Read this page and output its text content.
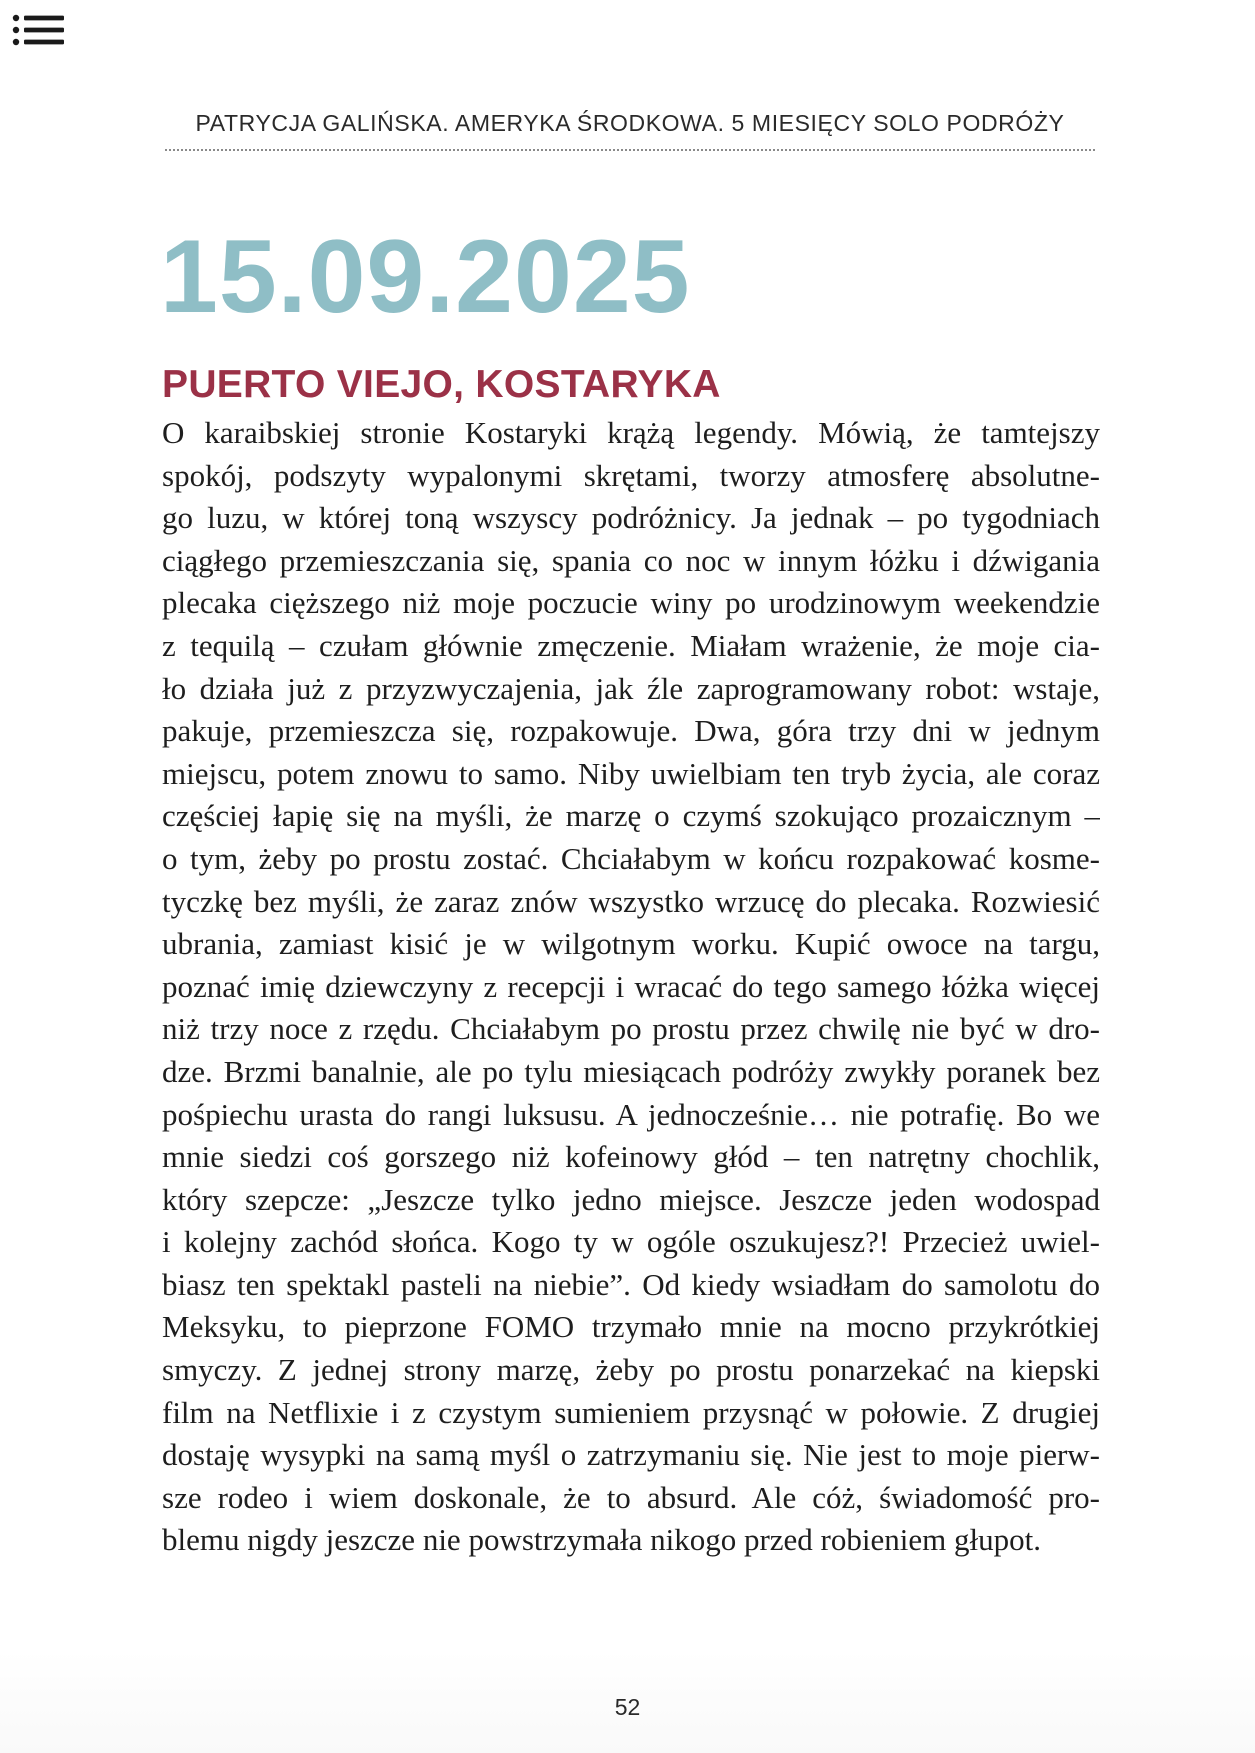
PATRYCJA GALIŃSKA. AMERYKA ŚRODKOWA. 5 MIESIĘCY SOLO PODRÓŻY
15.09.2025
PUERTO VIEJO, KOSTARYKA
O karaibskiej stronie Kostaryki krążą legendy. Mówią, że tamtejszy
spokój, podszyty wypalonymi skrętami, tworzy atmosferę absolutne-
go luzu, w której toną wszyscy podróżnicy. Ja jednak – po tygodniach
ciągłego przemieszczania się, spania co noc w innym łóżku i dźwigania
plecaka cięższego niż moje poczucie winy po urodzinowym weekendzie
z tequilą – czułam głównie zmęczenie. Miałam wrażenie, że moje cia-
ło działa już z przyzwyczajenia, jak źle zaprogramowany robot: wstaje,
pakuje, przemieszcza się, rozpakowuje. Dwa, góra trzy dni w jednym
miejscu, potem znowu to samo. Niby uwielbiam ten tryb życia, ale coraz
częściej łapię się na myśli, że marzę o czymś szokująco prozaicznym –
o tym, żeby po prostu zostać. Chciałabym w końcu rozpakować kosme-
tyczkę bez myśli, że zaraz znów wszystko wrzucę do plecaka. Rozwiesić
ubrania, zamiast kisić je w wilgotnym worku. Kupić owoce na targu,
poznać imię dziewczyny z recepcji i wracać do tego samego łóżka więcej
niż trzy noce z rzędu. Chciałabym po prostu przez chwilę nie być w dro-
dze. Brzmi banalnie, ale po tylu miesiącach podróży zwykły poranek bez
pośpiechu urasta do rangi luksusu. A jednocześnie… nie potrafię. Bo we
mnie siedzi coś gorszego niż kofeinowy głód – ten natrętny chochlik,
który szepcze: „Jeszcze tylko jedno miejsce. Jeszcze jeden wodospad
i kolejny zachód słońca. Kogo ty w ogóle oszukujesz?! Przecież uwiel-
biasz ten spektakl pasteli na niebie”. Od kiedy wsiadłam do samolotu do
Meksyku, to pieprzone FOMO trzymało mnie na mocno przykrótkiej
smyczy. Z jednej strony marzę, żeby po prostu ponarzekać na kiepski
film na Netflixie i z czystym sumieniem przysnąć w połowie. Z drugiej
dostaję wysypki na samą myśl o zatrzymaniu się. Nie jest to moje pierw-
sze rodeo i wiem doskonale, że to absurd. Ale cóż, świadomość pro-
blemu nigdy jeszcze nie powstrzymała nikogo przed robieniem głupot.
52
